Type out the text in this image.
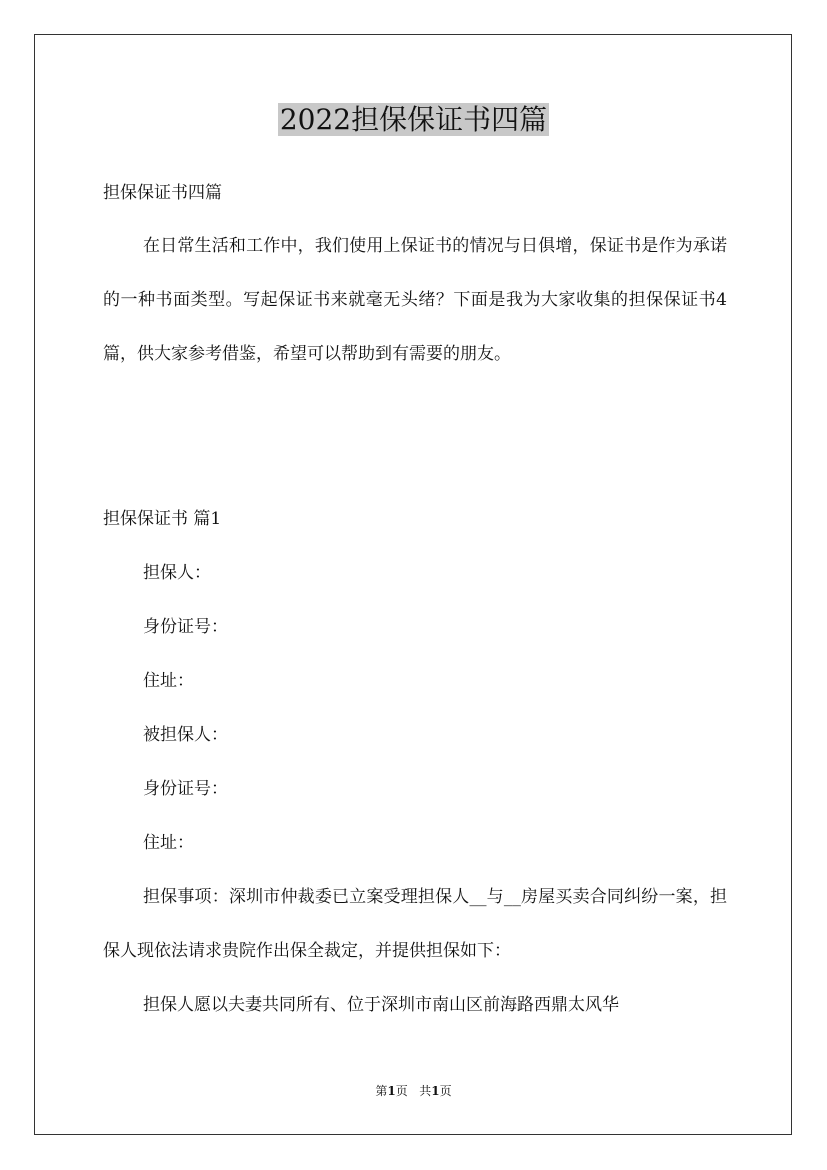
2022担保保证书四篇
担保保证书四篇

在日常生活和工作中，我们使用上保证书的情况与日俱增，保证书是作为承诺的一种书面类型。写起保证书来就毫无头绪？下面是我为大家收集的担保保证书4篇，供大家参考借鉴，希望可以帮助到有需要的朋友。

担保保证书 篇1
担保人：
身份证号：
住址：
被担保人：
身份证号：
住址：

担保事项：深圳市仲裁委已立案受理担保人__与__房屋买卖合同纠纷一案，担保人现依法请求贵院作出保全裁定，并提供担保如下：

担保人愿以夫妻共同所有、位于深圳市南山区前海路西鼎太风华

第1页 共1页
